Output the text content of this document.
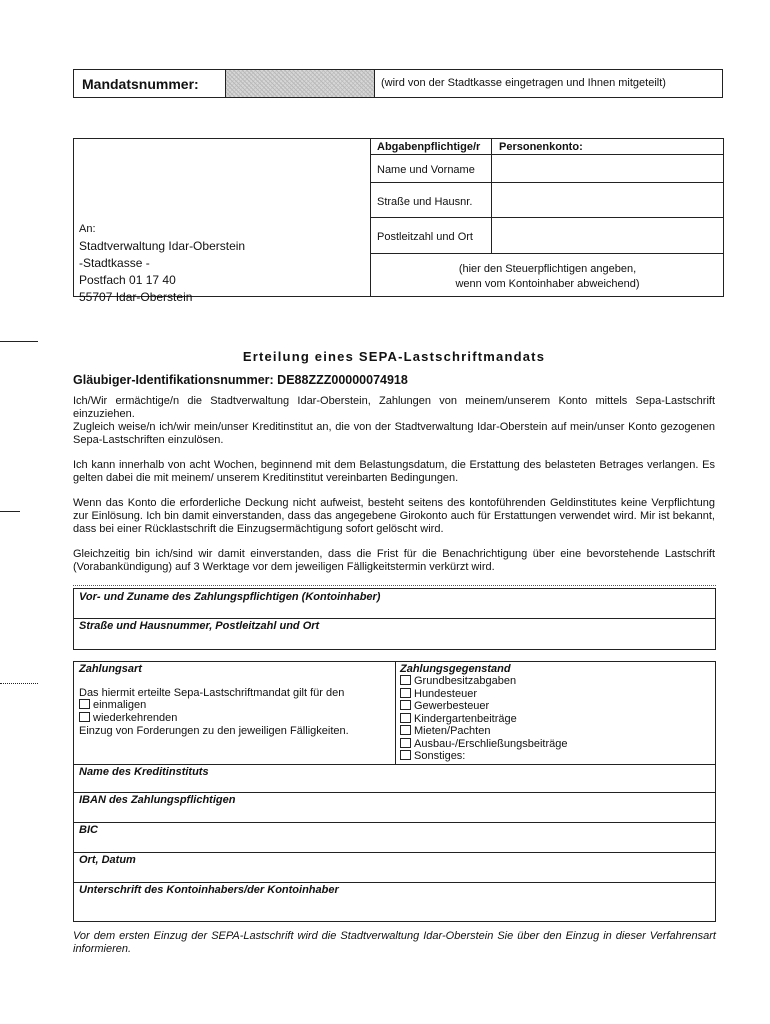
Mandatsnummer:	(wird von der Stadtkasse eingetragen und Ihnen mitgeteilt)
An:
Stadtverwaltung Idar-Oberstein
-Stadtkasse -
Postfach 01 17 40
55707 Idar-Oberstein
Abgabenpflichtige/r Personenkonto:
Name und Vorname
Straße und Hausnr.
Postleitzahl und Ort
(hier den Steuerpflichtigen angeben,
wenn vom Kontoinhaber abweichend)
Erteilung eines SEPA-Lastschriftmandats
Gläubiger-Identifikationsnummer: DE88ZZZ00000074918
Ich/Wir ermächtige/n die Stadtverwaltung Idar-Oberstein, Zahlungen von meinem/unserem Konto mittels Sepa-Lastschrift einzuziehen.
Zugleich weise/n ich/wir mein/unser Kreditinstitut an, die von der Stadtverwaltung Idar-Oberstein auf mein/unser Konto gezogenen Sepa-Lastschriften einzulösen.
Ich kann innerhalb von acht Wochen, beginnend mit dem Belastungsdatum, die Erstattung des belasteten Betrages verlangen. Es gelten dabei die mit meinem/ unserem Kreditinstitut vereinbarten Bedingungen.
Wenn das Konto die erforderliche Deckung nicht aufweist, besteht seitens des kontoführenden Geldinstitutes keine Verpflichtung zur Einlösung. Ich bin damit einverstanden, dass das angegebene Girokonto auch für Erstattungen verwendet wird. Mir ist bekannt, dass bei einer Rücklastschrift die Einzugsermächtigung sofort gelöscht wird.
Gleichzeitig bin ich/sind wir damit einverstanden, dass die Frist für die Benachrichtigung über eine bevorstehende Lastschrift (Vorabankündigung) auf 3 Werktage vor dem jeweiligen Fälligkeitstermin verkürzt wird.
Vor- und Zuname des Zahlungspflichtigen (Kontoinhaber)
Straße und Hausnummer, Postleitzahl und Ort
Zahlungsart
Das hiermit erteilte Sepa-Lastschriftmandat gilt für den
einmaligen
wiederkehrenden
Einzug von Forderungen zu den jeweiligen Fälligkeiten.
Zahlungsgegenstand
Grundbesitzabgaben
Hundesteuer
Gewerbesteuer
Kindergartenbeiträge
Mieten/Pachten
Ausbau-/Erschließungsbeiträge
Sonstiges:
Name des Kreditinstituts
IBAN des Zahlungspflichtigen
BIC
Ort, Datum
Unterschrift des Kontoinhabers/der Kontoinhaber
Vor dem ersten Einzug der SEPA-Lastschrift wird die Stadtverwaltung Idar-Oberstein Sie über den Einzug in dieser Verfahrensart informieren.
